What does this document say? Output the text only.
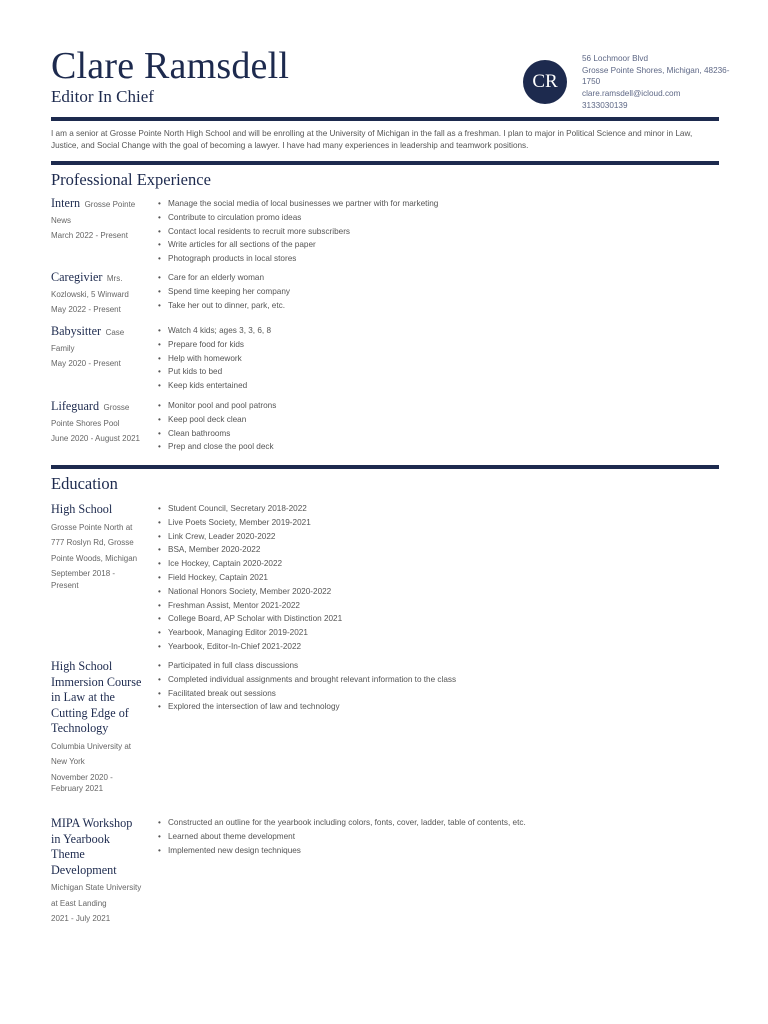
Clare Ramsdell
Editor In Chief
CR
56 Lochmoor Blvd
Grosse Pointe Shores, Michigan, 48236-1750
clare.ramsdell@icloud.com
3133030139
I am a senior at Grosse Pointe North High School and will be enrolling at the University of Michigan in the fall as a freshman. I plan to major in Political Science and minor in Law, Justice, and Social Change with the goal of becoming a lawyer. I have had many experiences in leadership and teamwork positions.
Professional Experience
Intern Grosse Pointe News
March 2022 - Present
• Manage the social media of local businesses we partner with for marketing
• Contribute to circulation promo ideas
• Contact local residents to recruit more subscribers
• Write articles for all sections of the paper
• Photograph products in local stores
Caregivier Mrs. Kozlowski, 5 Winward
May 2022 - Present
• Care for an elderly woman
• Spend time keeping her company
• Take her out to dinner, park, etc.
Babysitter Case Family
May 2020 - Present
• Watch 4 kids; ages 3, 3, 6, 8
• Prepare food for kids
• Help with homework
• Put kids to bed
• Keep kids entertained
Lifeguard Grosse Pointe Shores Pool
June 2020 - August 2021
• Monitor pool and pool patrons
• Keep pool deck clean
• Clean bathrooms
• Prep and close the pool deck
Education
High School
Grosse Pointe North at 777 Roslyn Rd, Grosse Pointe Woods, Michigan
September 2018 - Present
• Student Council, Secretary 2018-2022
• Live Poets Society, Member 2019-2021
• Link Crew, Leader 2020-2022
• BSA, Member 2020-2022
• Ice Hockey, Captain 2020-2022
• Field Hockey, Captain 2021
• National Honors Society, Member 2020-2022
• Freshman Assist, Mentor 2021-2022
• College Board, AP Scholar with Distinction 2021
• Yearbook, Managing Editor 2019-2021
• Yearbook, Editor-In-Chief 2021-2022
High School Immersion Course in Law at the Cutting Edge of Technology
Columbia University at New York
November 2020 - February 2021
• Participated in full class discussions
• Completed individual assignments and brought relevant information to the class
• Facilitated break out sessions
• Explored the intersection of law and technology
MIPA Workshop in Yearbook Theme Development
Michigan State University at East Landing
2021 - July 2021
• Constructed an outline for the yearbook including colors, fonts, cover, ladder, table of contents, etc.
• Learned about theme development
• Implemented new design techniques
